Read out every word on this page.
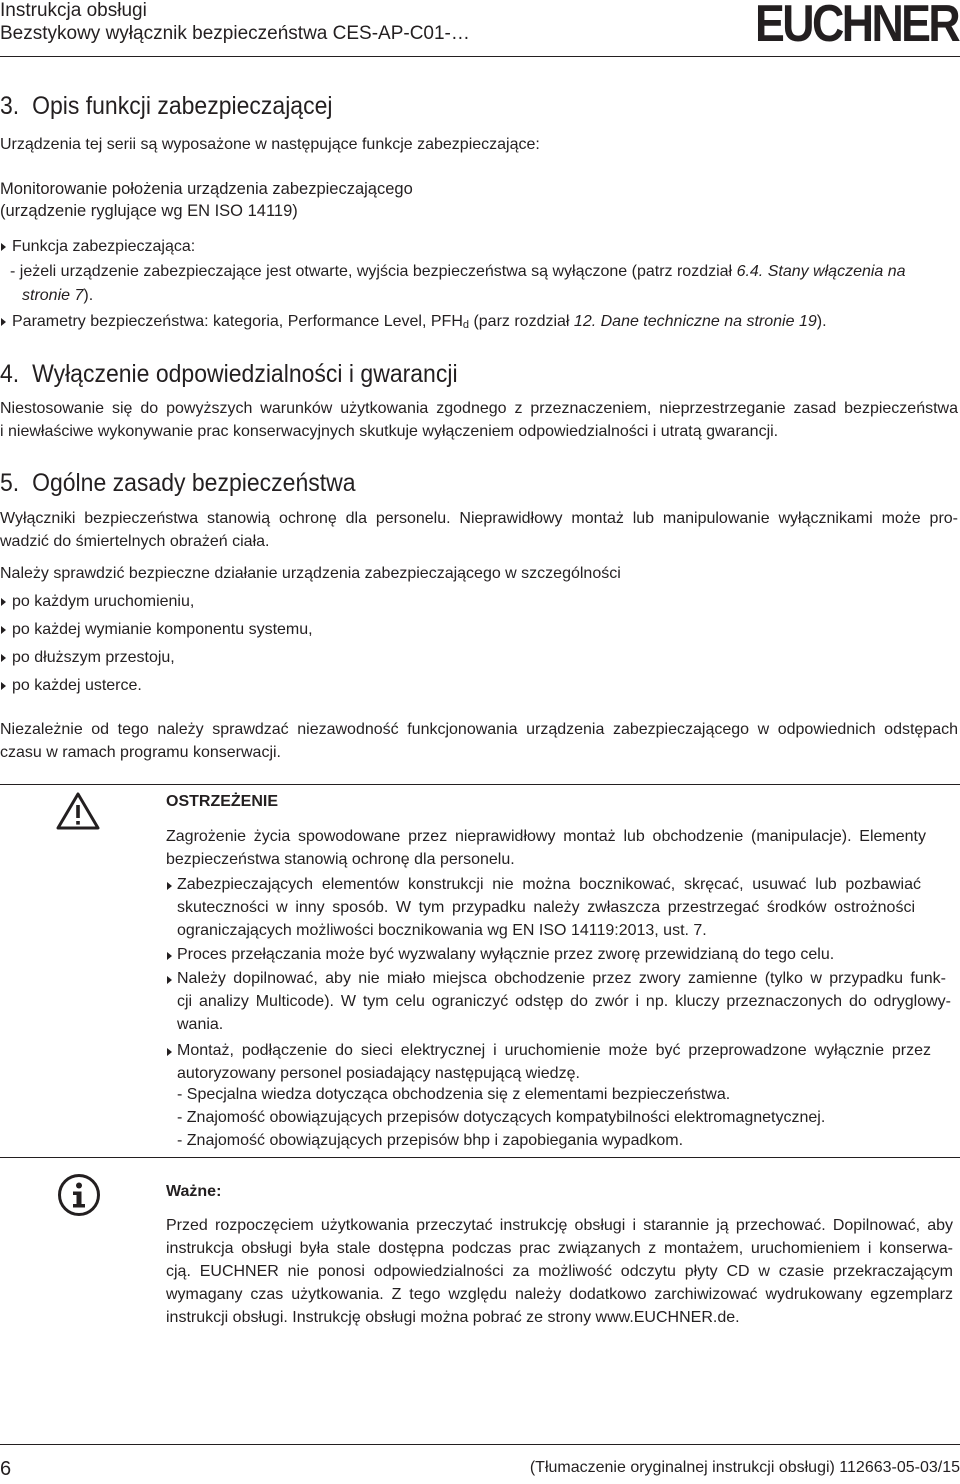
Instrukcja obsługi
Bezstykowy wyłącznik bezpieczeństwa CES-AP-C01-…	EUCHNER
3. Opis funkcji zabezpieczającej
Urządzenia tej serii są wyposażone w następujące funkcje zabezpieczające:
Monitorowanie położenia urządzenia zabezpieczającego
(urządzenie ryglujące wg EN ISO 14119)
Funkcja zabezpieczająca:
- jeżeli urządzenie zabezpieczające jest otwarte, wyjścia bezpieczeństwa są wyłączone (patrz rozdział 6.4. Stany włączenia na
stronie 7).
Parametry bezpieczeństwa: kategoria, Performance Level, $PFH_d$ (parz rozdział 12. Dane techniczne na stronie 19).
4. Wyłączenie odpowiedzialności i gwarancji
Niestosowanie się do powyższych warunków użytkowania zgodnego z przeznaczeniem, nieprzestrzeganie zasad bezpieczeństwa
i niewłaściwe wykonywanie prac konserwacyjnych skutkuje wyłączeniem odpowiedzialności i utratą gwarancji.
5. Ogólne zasady bezpieczeństwa
Wyłączniki bezpieczeństwa stanowią ochronę dla personelu. Nieprawidłowy montaż lub manipulowanie wyłącznikami może pro-
wadzić do śmiertelnych obrażeń ciała.
Należy sprawdzić bezpieczne działanie urządzenia zabezpieczającego w szczególności
po każdym uruchomieniu,
po każdej wymianie komponentu systemu,
po dłuższym przestoju,
po każdej usterce.
Niezależnie od tego należy sprawdzać niezawodność funkcjonowania urządzenia zabezpieczającego w odpowiednich odstępach
czasu w ramach programu konserwacji.
OSTRZEŻENIE
Zagrożenie życia spowodowane przez nieprawidłowy montaż lub obchodzenie (manipulacje). Elementy
bezpieczeństwa stanowią ochronę dla personelu.
Zabezpieczających elementów konstrukcji nie można bocznikować, skręcać, usuwać lub pozbawiać
skuteczności w inny sposób. W tym przypadku należy zwłaszcza przestrzegać środków ostrożności
ograniczających możliwości bocznikowania wg EN ISO 14119:2013, ust. 7.
Proces przełączania może być wyzwalany wyłącznie przez zworę przewidzianą do tego celu.
Należy dopilnować, aby nie miało miejsca obchodzenie przez zwory zamienne (tylko w przypadku funk-
cji analizy Multicode). W tym celu ograniczyć odstęp do zwór i np. kluczy przeznaczonych do odryglowy-
wania.
Montaż, podłączenie do sieci elektrycznej i uruchomienie może być przeprowadzone wyłącznie przez
autoryzowany personel posiadający następującą wiedzę.
- Specjalna wiedza dotycząca obchodzenia się z elementami bezpieczeństwa.
- Znajomość obowiązujących przepisów dotyczących kompatybilności elektromagnetycznej.
- Znajomość obowiązujących przepisów bhp i zapobiegania wypadkom.
Ważne:
Przed rozpoczęciem użytkowania przeczytać instrukcję obsługi i starannie ją przechować. Dopilnować, aby
instrukcja obsługi była stale dostępna podczas prac związanych z montażem, uruchomieniem i konserwa-
cją. EUCHNER nie ponosi odpowiedzialności za możliwość odczytu płyty CD w czasie przekraczającym
wymagany czas użytkowania. Z tego względu należy dodatkowo zarchiwizować wydrukowany egzemplarz
instrukcji obsługi. Instrukcję obsługi można pobrać ze strony www.EUCHNER.de.
6	(Tłumaczenie oryginalnej instrukcji obsługi) 112663-05-03/15
